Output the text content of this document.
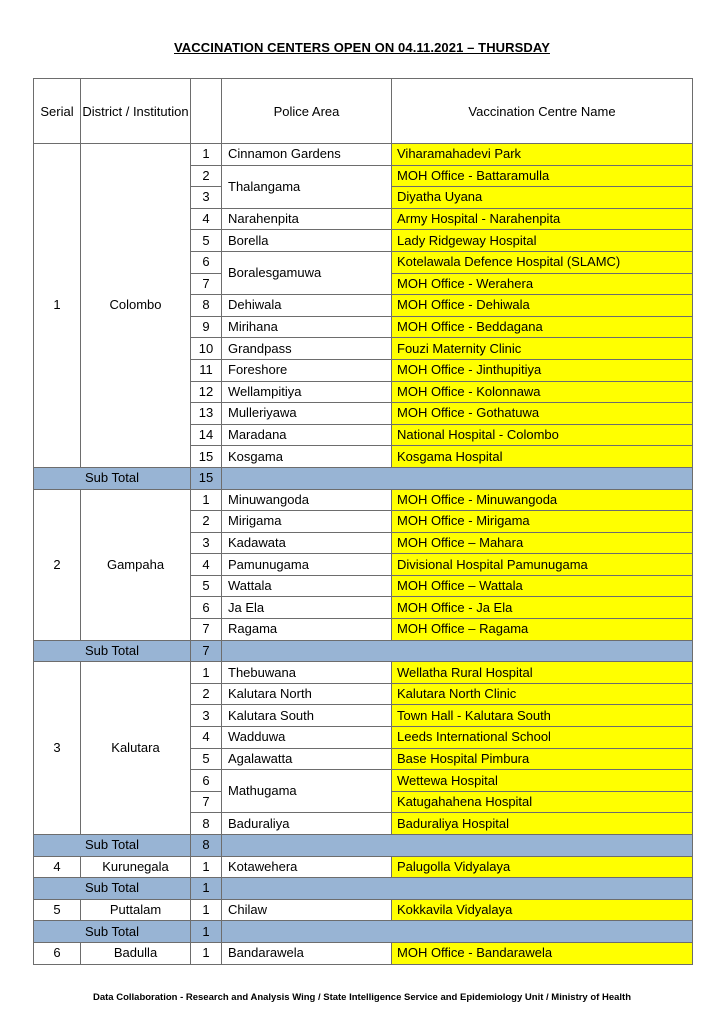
VACCINATION CENTERS OPEN ON 04.11.2021 – THURSDAY
Serial	District / Institution		Police Area	Vaccination Centre Name
1	Colombo	1	Cinnamon Gardens	Viharamahadevi Park
		2	Thalangama	MOH Office - Battaramulla
		3		Diyatha Uyana
		4	Narahenpita	Army Hospital - Narahenpita
		5	Borella	Lady Ridgeway Hospital
		6	Boralesgamuwa	Kotelawala Defence Hospital (SLAMC)
		7		MOH Office - Werahera
		8	Dehiwala	MOH Office - Dehiwala
		9	Mirihana	MOH Office - Beddagana
		10	Grandpass	Fouzi Maternity Clinic
		11	Foreshore	MOH Office - Jinthupitiya
		12	Wellampitiya	MOH Office - Kolonnawa
		13	Mulleriyawa	MOH Office - Gothatuwa
		14	Maradana	National Hospital - Colombo
		15	Kosgama	Kosgama Hospital
Sub Total		15		
2	Gampaha	1	Minuwangoda	MOH Office - Minuwangoda
		2	Mirigama	MOH Office - Mirigama
		3	Kadawata	MOH Office – Mahara
		4	Pamunugama	Divisional Hospital Pamunugama
		5	Wattala	MOH Office – Wattala
		6	Ja Ela	MOH Office - Ja Ela
		7	Ragama	MOH Office – Ragama
Sub Total		7		
3	Kalutara	1	Thebuwana	Wellatha Rural Hospital
		2	Kalutara North	Kalutara North Clinic
		3	Kalutara South	Town Hall - Kalutara South
		4	Wadduwa	Leeds International School
		5	Agalawatta	Base Hospital Pimbura
		6	Mathugama	Wettewa Hospital
		7		Katugahahena Hospital
		8	Baduraliya	Baduraliya Hospital
Sub Total		8		
4	Kurunegala	1	Kotawehera	Palugolla Vidyalaya
Sub Total		1		
5	Puttalam	1	Chilaw	Kokkavila Vidyalaya
Sub Total		1		
6	Badulla	1	Bandarawela	MOH Office - Bandarawela
Data Collaboration - Research and Analysis Wing / State Intelligence Service and Epidemiology Unit / Ministry of Health
